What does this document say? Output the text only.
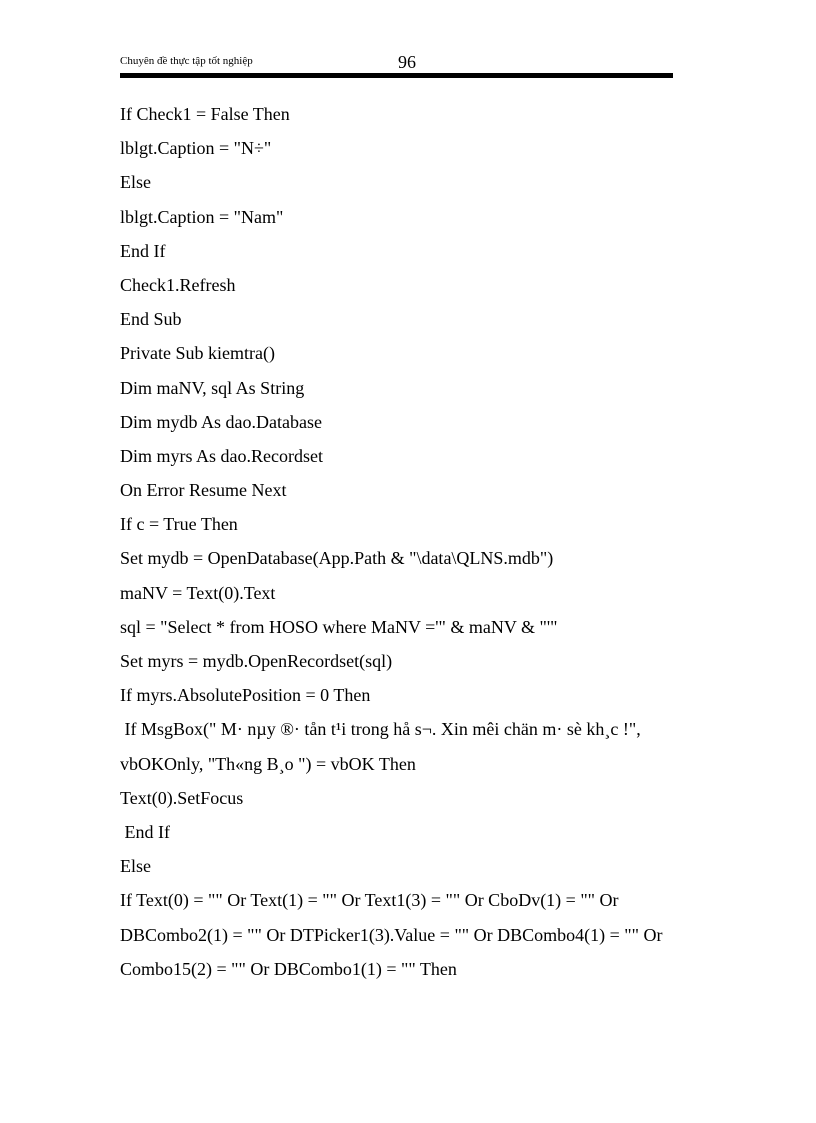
Chuyên đề thực tập tốt nghiệp	96
If Check1 = False Then
lblgt.Caption = "N÷"
Else
lblgt.Caption = "Nam"
End If
Check1.Refresh
End Sub
Private Sub kiemtra()
Dim maNV, sql As String
Dim mydb As dao.Database
Dim myrs As dao.Recordset
On Error Resume Next
If c = True Then
Set mydb = OpenDatabase(App.Path & "\data\QLNS.mdb")
maNV = Text(0).Text
sql = "Select * from HOSO where MaNV ='" & maNV & "'"
Set myrs = mydb.OpenRecordset(sql)
If myrs.AbsolutePosition = 0 Then
If MsgBox(" M· nµy ®· tån t¹i trong hå s¬. Xin mêi chän m· sè kh¸c !",
vbOKOnly, "Th«ng B¸o ") = vbOK Then
Text(0).SetFocus
End If
Else
If Text(0) = "" Or Text(1) = "" Or Text1(3) = "" Or CboDv(1) = "" Or
DBCombo2(1) = "" Or DTPicker1(3).Value = "" Or DBCombo4(1) = "" Or
Combo15(2) = "" Or DBCombo1(1) = "" Then
